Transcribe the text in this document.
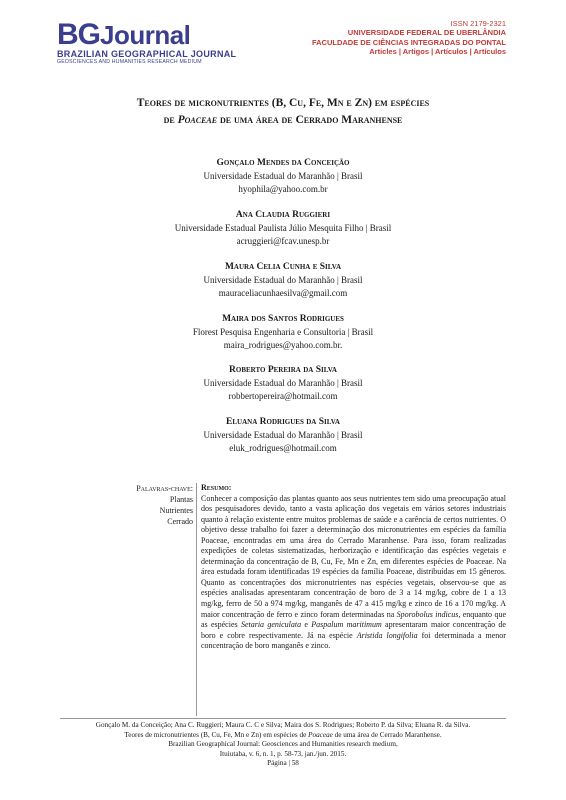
BGJournal
BRAZILIAN GEOGRAPHICAL JOURNAL
GEOSCIENCES AND HUMANITIES RESEARCH MEDIUM
ISSN 2179-2321
UNIVERSIDADE FEDERAL DE UBERLÂNDIA
FACULDADE DE CIÊNCIAS INTEGRADAS DO PONTAL
Articles | Artigos | Artículos | Artículos
Teores de micronutrientes (B, Cu, Fe, Mn e Zn) em espécies
de Poaceae de uma área de Cerrado Maranhense
Gonçalo Mendes da Conceição
Universidade Estadual do Maranhão | Brasil
hyophila@yahoo.com.br
Ana Claudia Ruggieri
Universidade Estadual Paulista Júlio Mesquita Filho | Brasil
acruggieri@fcav.unesp.br
Maura Celia Cunha e Silva
Universidade Estadual do Maranhão | Brasil
mauraceliacunhaesilva@gmail.com
Maira dos Santos Rodrigues
Florest Pesquisa Engenharia e Consultoria | Brasil
maira_rodrigues@yahoo.com.br.
Roberto Pereira da Silva
Universidade Estadual do Maranhão | Brasil
robbertopereira@hotmail.com
Eluana Rodrigues da Silva
Universidade Estadual do Maranhão | Brasil
eluk_rodrigues@hotmail.com
Palavras-chave:
Plantas
Nutrientes
Cerrado
Resumo:
Conhecer a composição das plantas quanto aos seus nutrientes tem sido uma preocupação atual dos pesquisadores devido, tanto a vasta aplicação dos vegetais em vários setores industriais quanto à relação existente entre muitos problemas de saúde e a carência de certos nutrientes. O objetivo desse trabalho foi fazer a determinação dos micronutrientes em espécies da família Poaceae, encontradas em uma área do Cerrado Maranhense. Para isso, foram realizadas expedições de coletas sistematizadas, herborização e identificação das espécies vegetais e determinação da concentração de B, Cu, Fe, Mn e Zn, em diferentes espécies de Poaceae. Na área estudada foram identificadas 19 espécies da família Poaceae, distribuídas em 15 gêneros. Quanto as concentrações dos micronutrientes nas espécies vegetais, observou-se que as espécies analisadas apresentaram concentração de boro de 3 a 14 mg/kg, cobre de 1 a 13 mg/kg, ferro de 50 a 974 mg/kg, manganês de 47 a 415 mg/kg e zinco de 16 a 170 mg/kg. A maior concentração de ferro e zinco foram determinadas na Sporobolus indicus, enquanto que as espécies Setaria geniculata e Paspalum maritimum apresentaram maior concentração de boro e cobre respectivamente. Já na espécie Aristida longifolia foi determinada a menor concentração de boro manganês e zinco.
Gonçalo M. da Conceição; Ana C. Ruggieri; Maura C. C e Silva; Maira dos S. Rodrigues; Roberto P. da Silva; Eluana R. da Silva.
Teores de micronutrientes (B, Cu, Fe, Mn e Zn) em espécies de Poaceae de uma área de Cerrado Maranhense.
Brazilian Geographical Journal: Geosciences and Humanities research medium,
Ituiutaba, v. 6, n. 1, p. 58-73, jan./jun. 2015.
Página | 58
